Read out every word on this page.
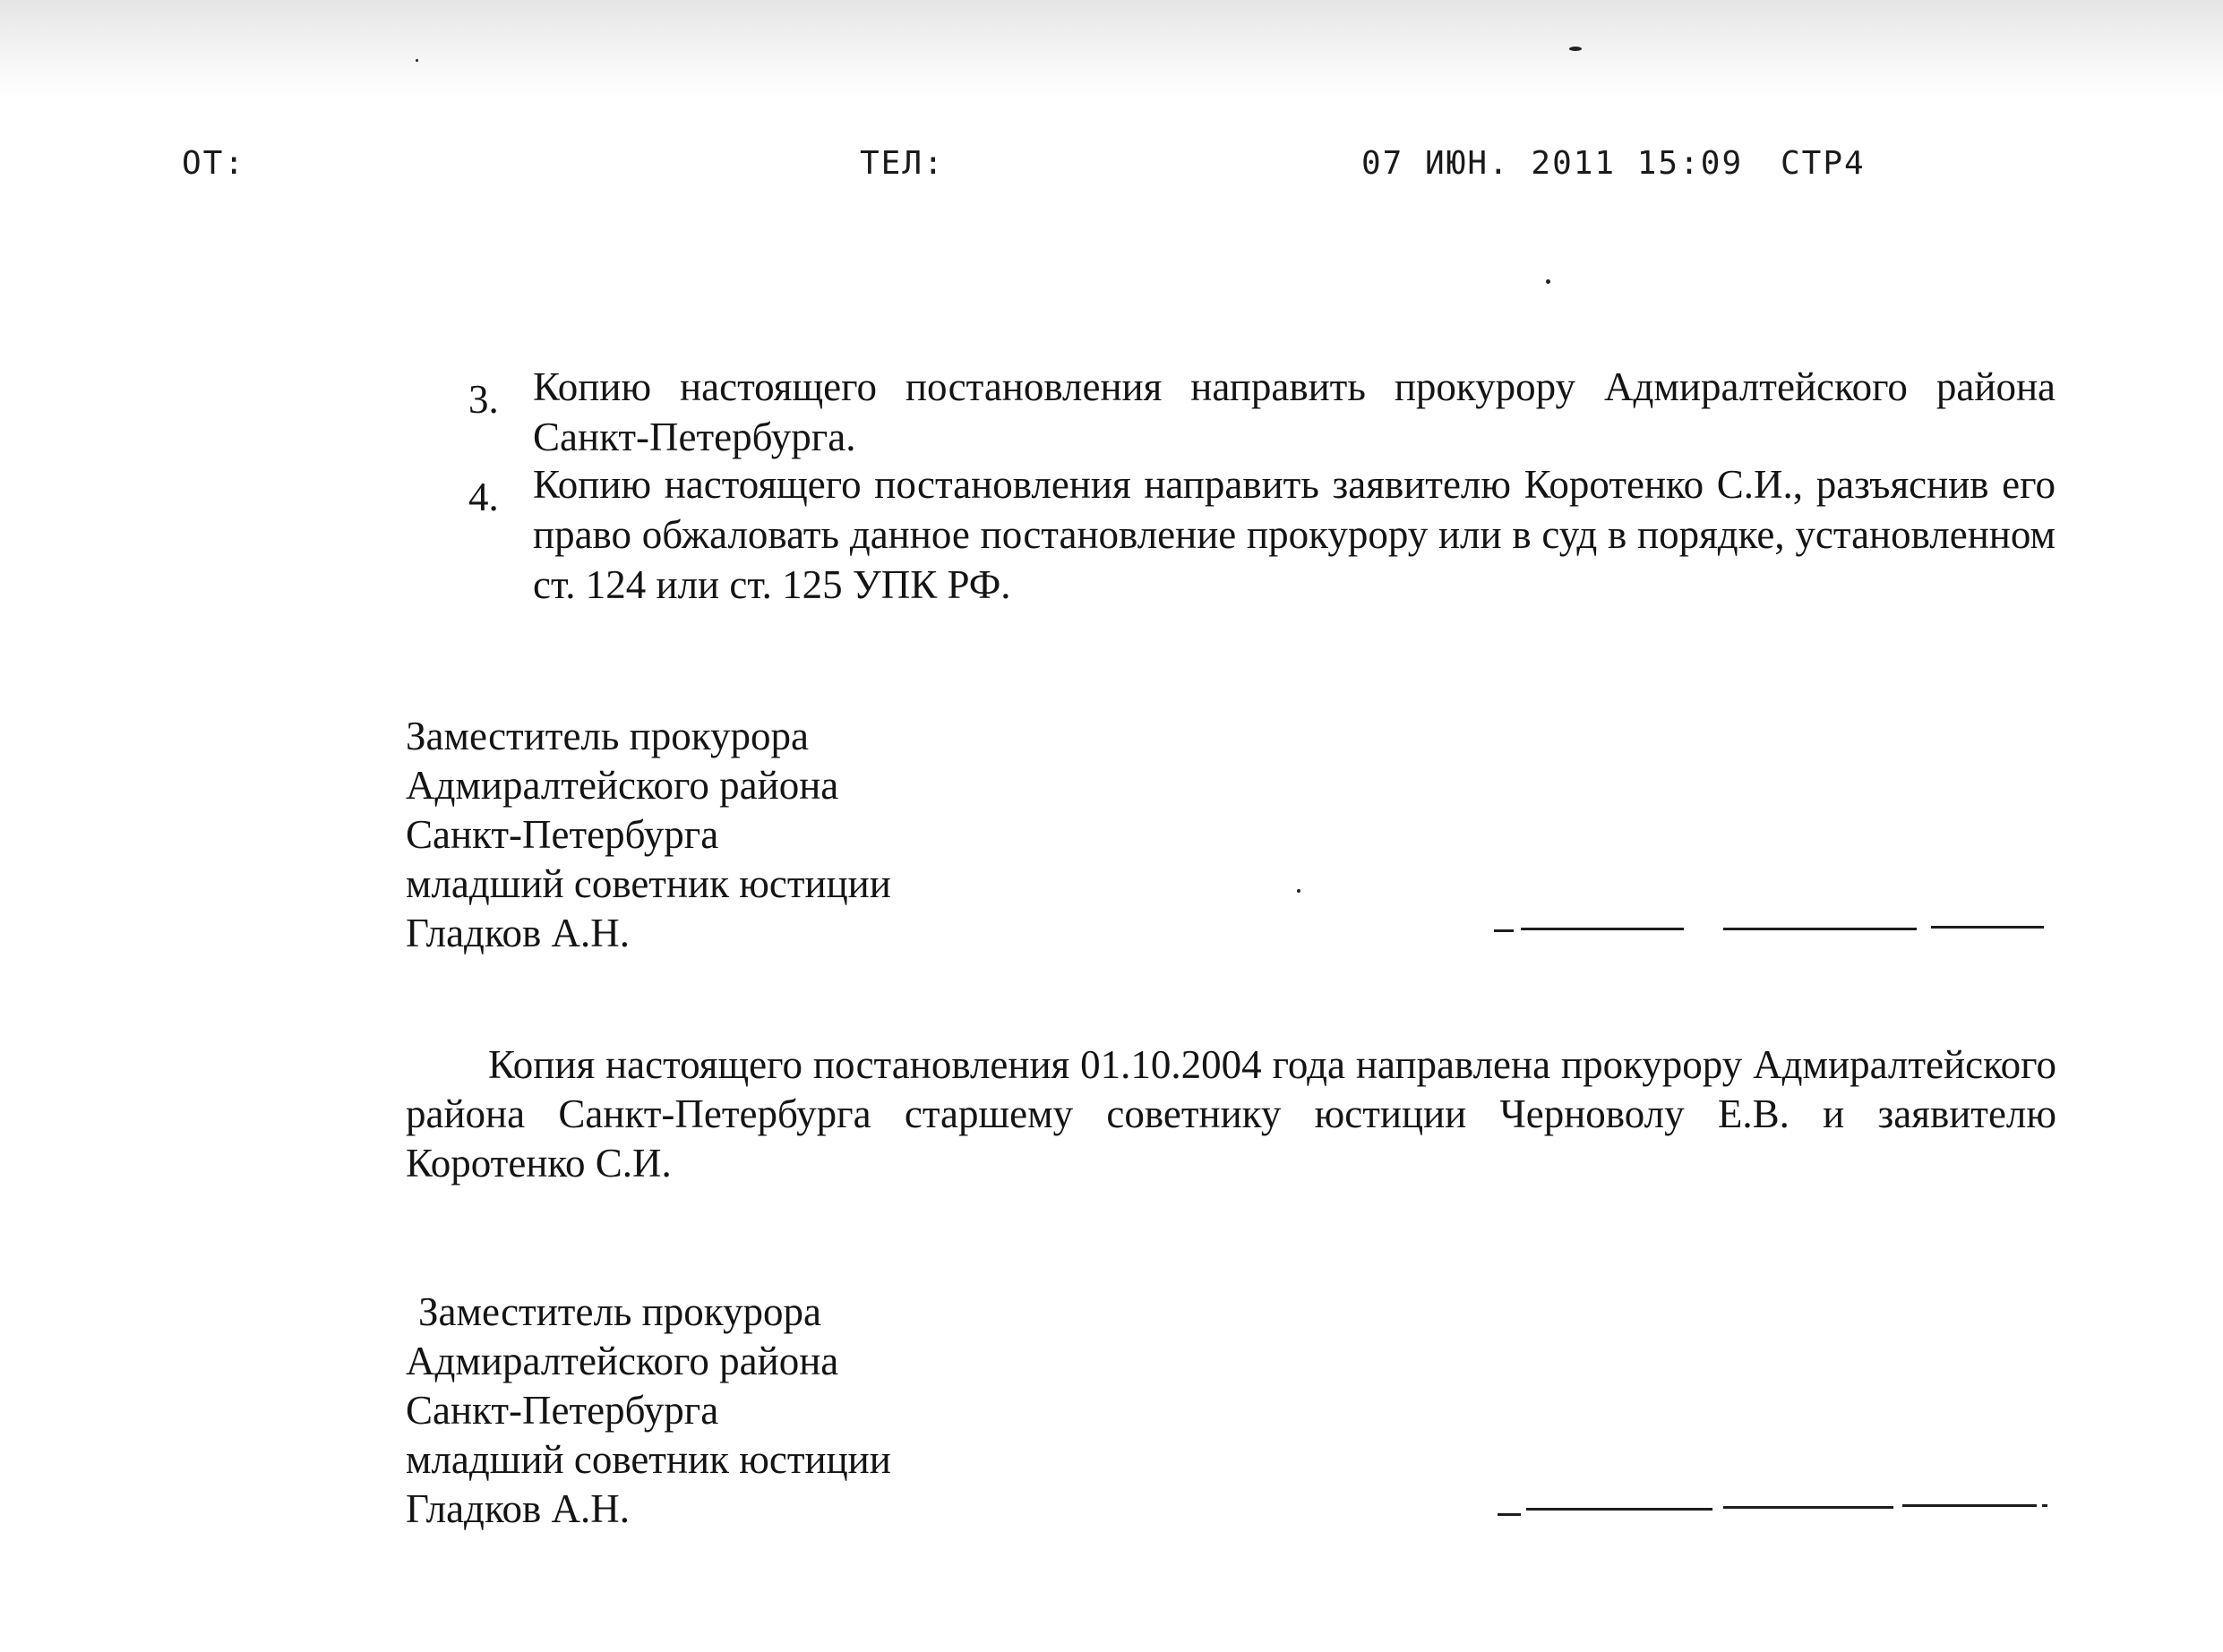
ОТ:	ТЕЛ:	07 ИЮН. 2011 15:09 СТР4
3. Копию настоящего постановления направить прокурору Адмиралтейского района Санкт-Петербурга.
4. Копию настоящего постановления направить заявителю Коротенко С.И., разъяснив его право обжаловать данное постановление прокурору или в суд в порядке, установленном ст. 124 или ст. 125 УПК РФ.
Заместитель прокурора
Адмиралтейского района
Санкт-Петербурга
младший советник юстиции
Гладков А.Н.
Копия настоящего постановления 01.10.2004 года направлена прокурору Адмиралтейского района Санкт-Петербурга старшему советнику юстиции Черноволу Е.В. и заявителю Коротенко С.И.
Заместитель прокурора
Адмиралтейского района
Санкт-Петербурга
младший советник юстиции
Гладков А.Н.
